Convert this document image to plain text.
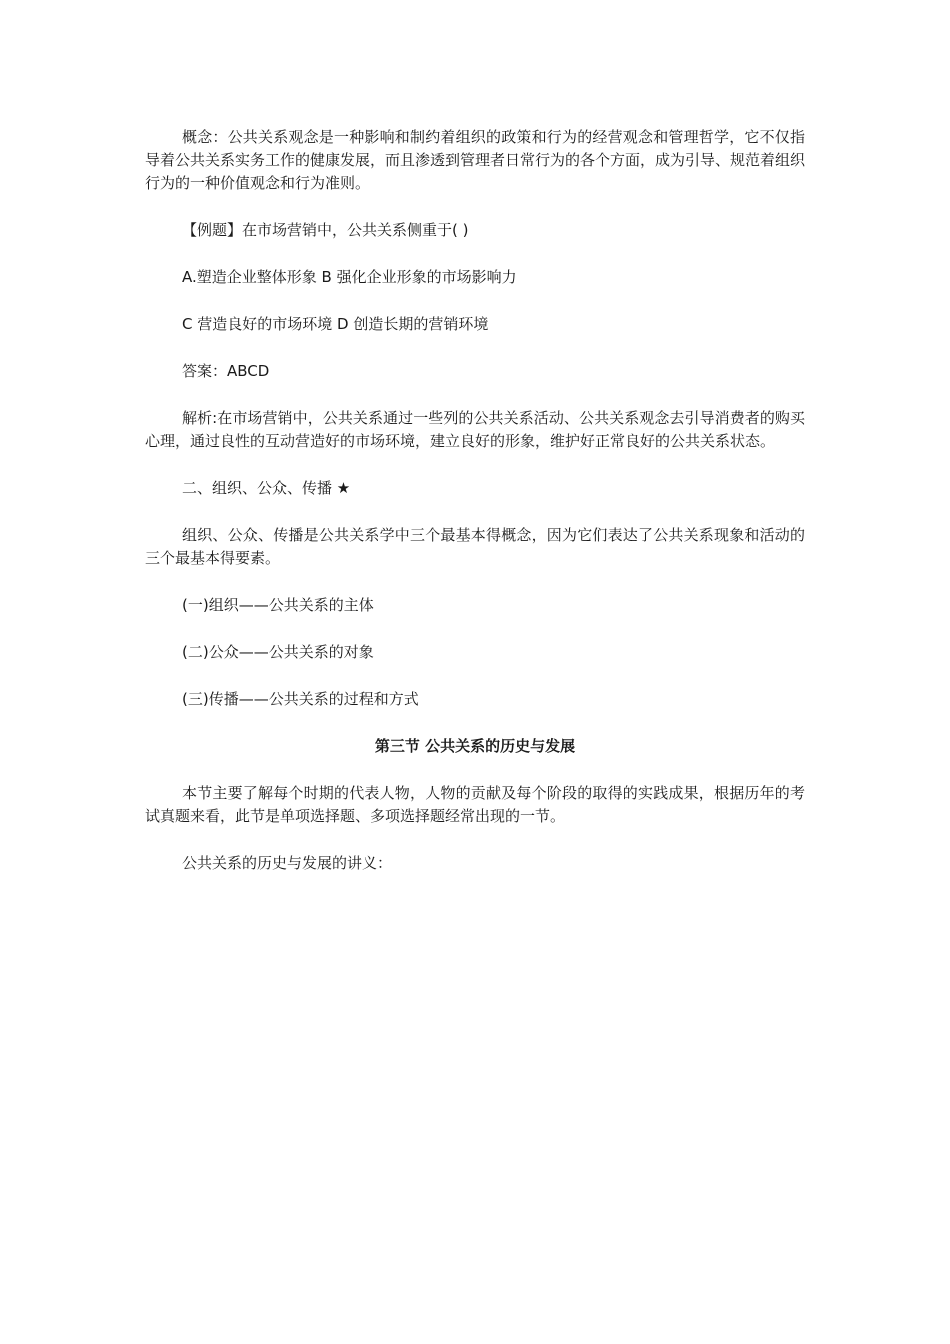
概念：公共关系观念是一种影响和制约着组织的政策和行为的经营观念和管理哲学，它不仅指导着公共关系实务工作的健康发展，而且渗透到管理者日常行为的各个方面，成为引导、规范着组织行为的一种价值观念和行为准则。

【例题】在市场营销中，公共关系侧重于( )

A.塑造企业整体形象 B 强化企业形象的市场影响力

C 营造良好的市场环境 D 创造长期的营销环境

答案：ABCD

解析:在市场营销中，公共关系通过一些列的公共关系活动、公共关系观念去引导消费者的购买心理，通过良性的互动营造好的市场环境，建立良好的形象，维护好正常良好的公共关系状态。

二、组织、公众、传播 ★

组织、公众、传播是公共关系学中三个最基本得概念，因为它们表达了公共关系现象和活动的三个最基本得要素。

(一)组织——公共关系的主体

(二)公众——公共关系的对象

(三)传播——公共关系的过程和方式

第三节 公共关系的历史与发展

本节主要了解每个时期的代表人物，人物的贡献及每个阶段的取得的实践成果，根据历年的考试真题来看，此节是单项选择题、多项选择题经常出现的一节。

公共关系的历史与发展的讲义：
